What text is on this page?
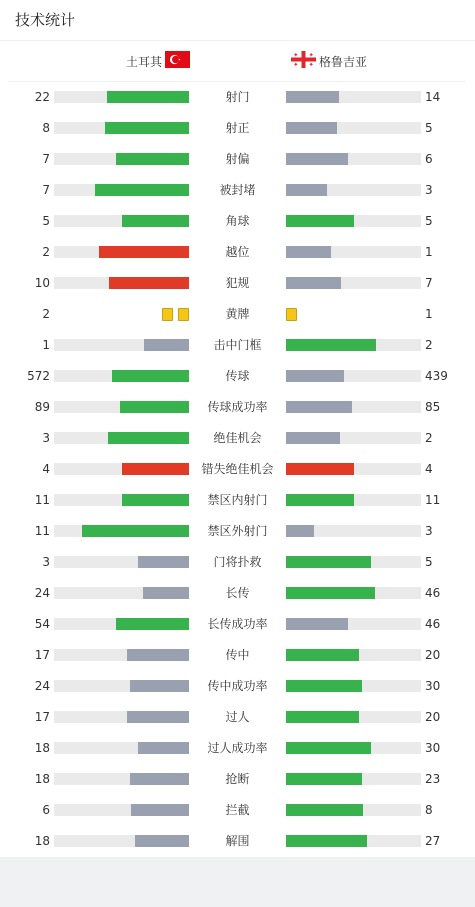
技术统计
土耳其	格鲁吉亚
22	射门	14
8	射正	5
7	射偏	6
7	被封堵	3
5	角球	5
2	越位	1
10	犯规	7
2	黄牌	1
1	击中门框	2
572	传球	439
89	传球成功率	85
3	绝佳机会	2
4	错失绝佳机会	4
11	禁区内射门	11
11	禁区外射门	3
3	门将扑救	5
24	长传	46
54	长传成功率	46
17	传中	20
24	传中成功率	30
17	过人	20
18	过人成功率	30
18	抢断	23
6	拦截	8
18	解围	27
